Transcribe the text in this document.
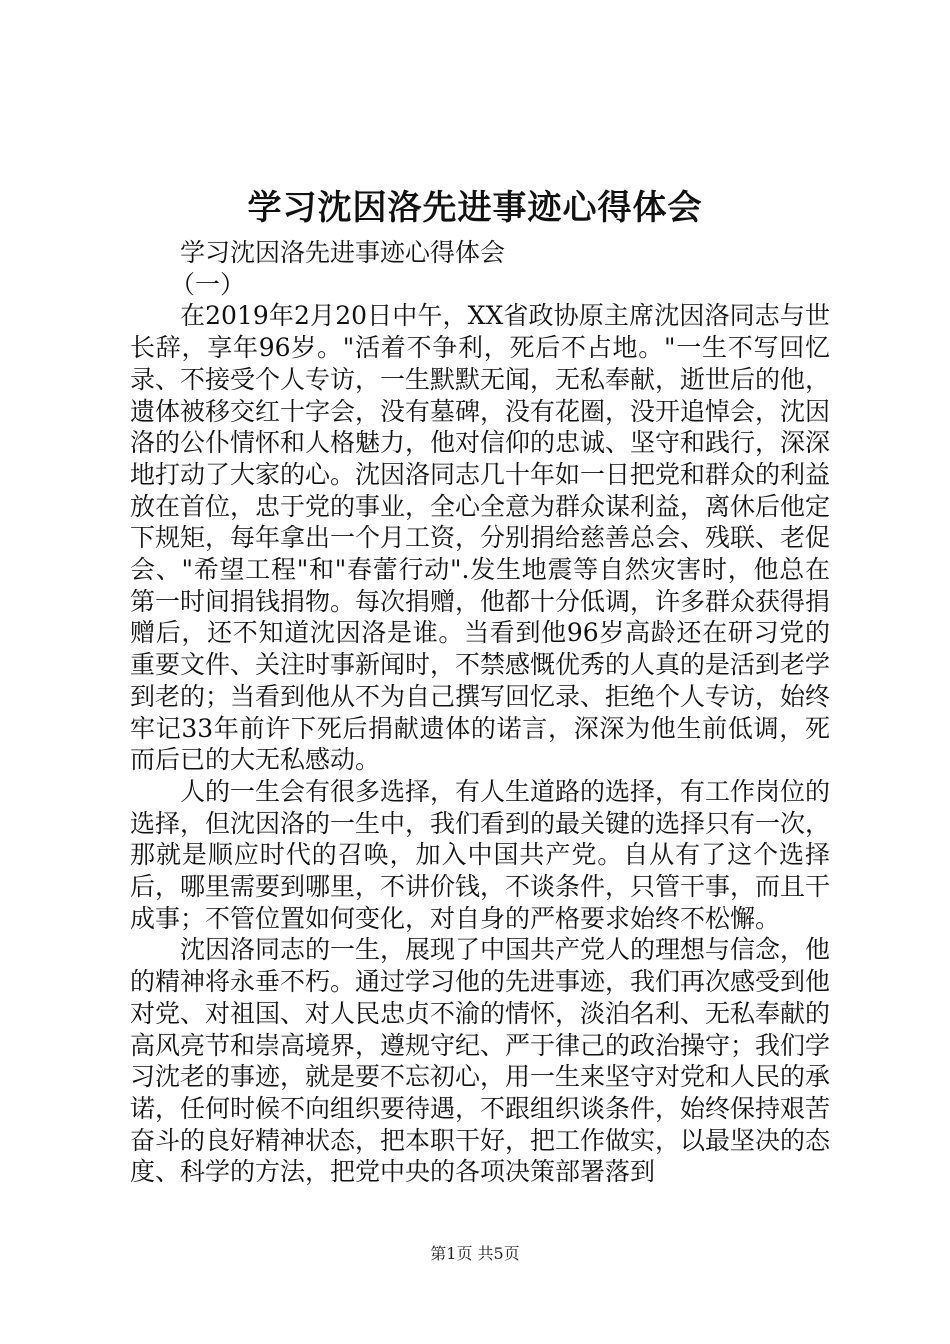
学习沈因洛先进事迹心得体会

学习沈因洛先进事迹心得体会

（一）

在2019年2月20日中午，XX省政协原主席沈因洛同志与世长辞，享年96岁。"活着不争利，死后不占地。"一生不写回忆录、不接受个人专访，一生默默无闻，无私奉献，逝世后的他，遗体被移交红十字会，没有墓碑，没有花圈，没开追悼会，沈因洛的公仆情怀和人格魅力，他对信仰的忠诚、坚守和践行，深深地打动了大家的心。沈因洛同志几十年如一日把党和群众的利益放在首位，忠于党的事业，全心全意为群众谋利益，离休后他定下规矩，每年拿出一个月工资，分别捐给慈善总会、残联、老促会、"希望工程"和"春蕾行动".发生地震等自然灾害时，他总在第一时间捐钱捐物。每次捐赠，他都十分低调，许多群众获得捐赠后，还不知道沈因洛是谁。当看到他96岁高龄还在研习党的重要文件、关注时事新闻时，不禁感慨优秀的人真的是活到老学到老的；当看到他从不为自己撰写回忆录、拒绝个人专访，始终牢记33年前许下死后捐献遗体的诺言，深深为他生前低调，死而后已的大无私感动。

人的一生会有很多选择，有人生道路的选择，有工作岗位的选择，但沈因洛的一生中，我们看到的最关键的选择只有一次，那就是顺应时代的召唤，加入中国共产党。自从有了这个选择后，哪里需要到哪里，不讲价钱，不谈条件，只管干事，而且干成事；不管位置如何变化，对自身的严格要求始终不松懈。

沈因洛同志的一生，展现了中国共产党人的理想与信念，他的精神将永垂不朽。通过学习他的先进事迹，我们再次感受到他对党、对祖国、对人民忠贞不渝的情怀，淡泊名利、无私奉献的高风亮节和崇高境界，遵规守纪、严于律己的政治操守；我们学习沈老的事迹，就是要不忘初心，用一生来坚守对党和人民的承诺，任何时候不向组织要待遇，不跟组织谈条件，始终保持艰苦奋斗的良好精神状态，把本职干好，把工作做实，以最坚决的态度、科学的方法，把党中央的各项决策部署落到

第1页 共5页
